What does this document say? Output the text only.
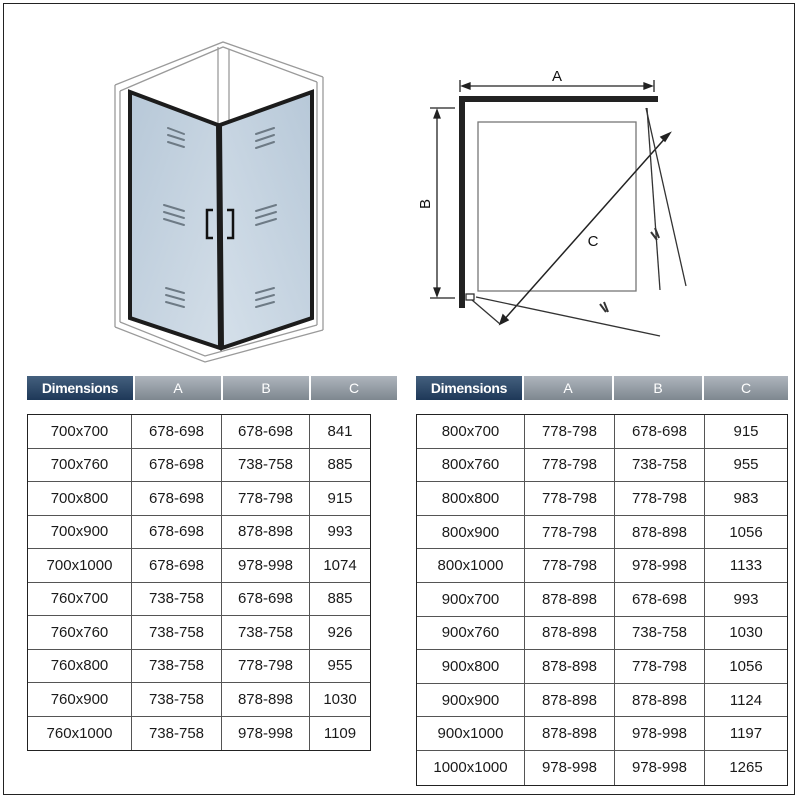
A
B
C
Dimensions	A	B	C
700x700	678-698	678-698	841
700x760	678-698	738-758	885
700x800	678-698	778-798	915
700x900	678-698	878-898	993
700x1000	678-698	978-998	1074
760x700	738-758	678-698	885
760x760	738-758	738-758	926
760x800	738-758	778-798	955
760x900	738-758	878-898	1030
760x1000	738-758	978-998	1109
Dimensions	A	B	C
800x700	778-798	678-698	915
800x760	778-798	738-758	955
800x800	778-798	778-798	983
800x900	778-798	878-898	1056
800x1000	778-798	978-998	1133
900x700	878-898	678-698	993
900x760	878-898	738-758	1030
900x800	878-898	778-798	1056
900x900	878-898	878-898	1124
900x1000	878-898	978-998	1197
1000x1000	978-998	978-998	1265
